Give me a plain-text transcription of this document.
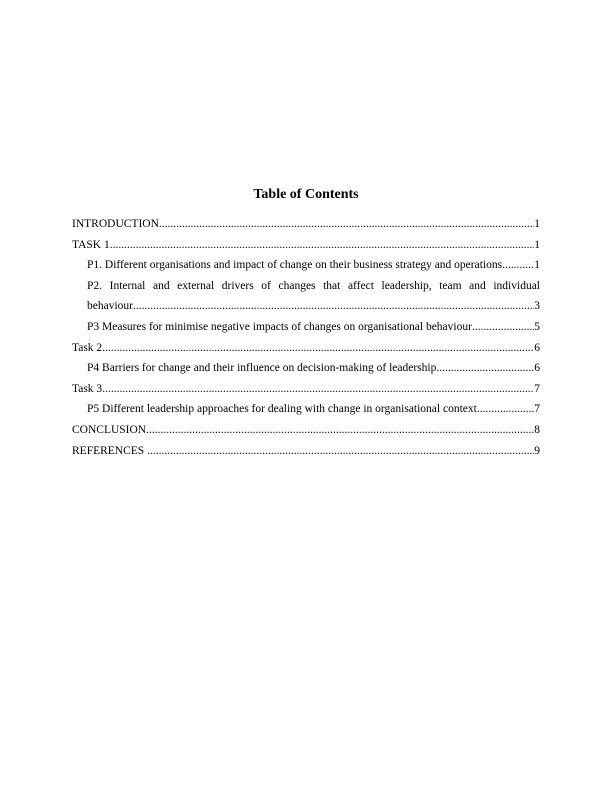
Table of Contents
INTRODUCTION .....	1
TASK 1 .....	1
P1. Different organisations and impact of change on their business strategy and operations. .....	1
P2. Internal and external drivers of changes that affect leadership, team and individual
behaviour .....	3
P3 Measures for minimise negative impacts of changes on organisational behaviour .....	5
Task 2 .....	6
P4 Barriers for change and their influence on decision-making of leadership .....	6
Task 3 .....	7
P5 Different leadership approaches for dealing with change in organisational context .....	7
CONCLUSION .....	8
REFERENCES .....	9
